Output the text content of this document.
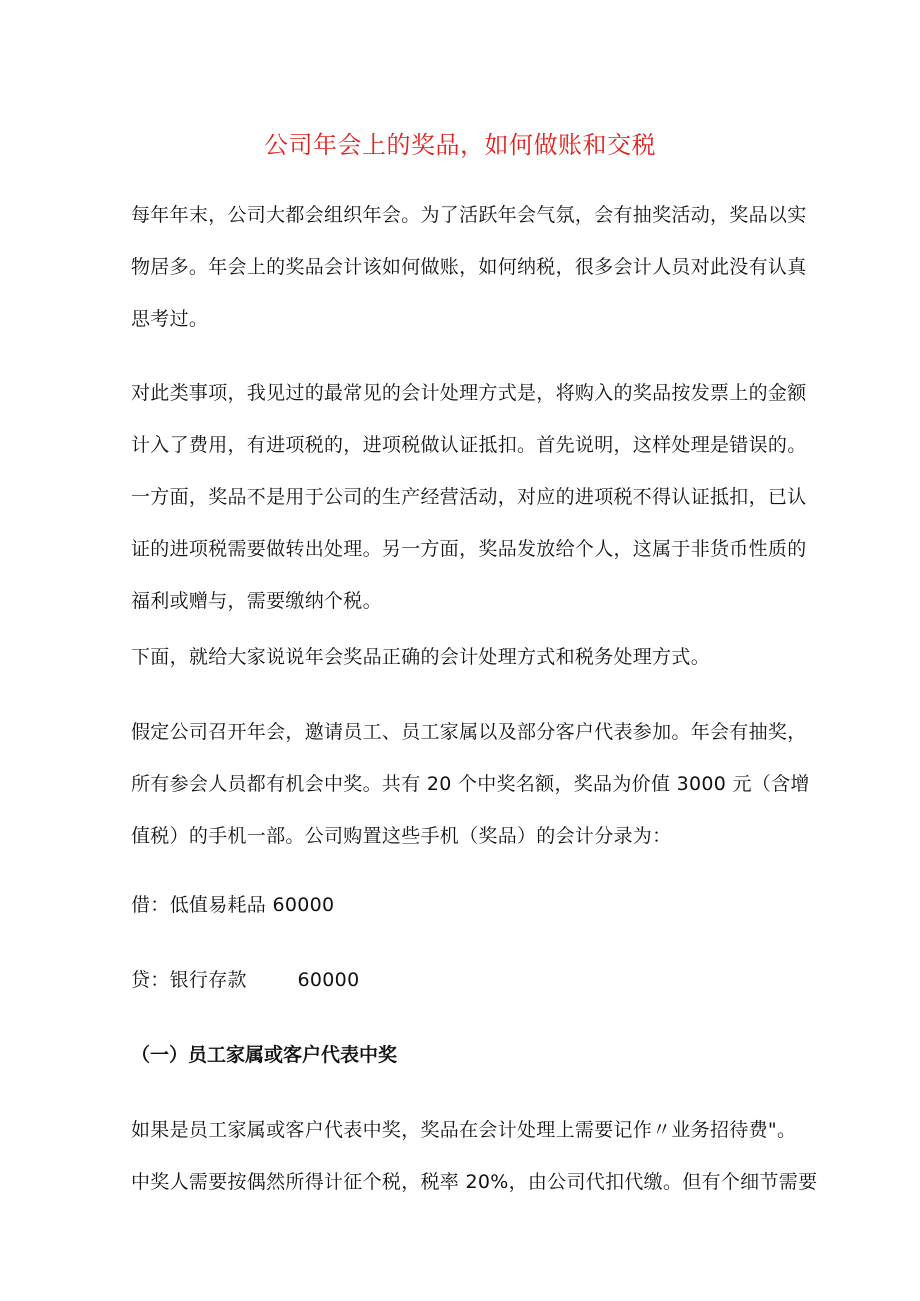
公司年会上的奖品，如何做账和交税
每年年末，公司大都会组织年会。为了活跃年会气氛，会有抽奖活动，奖品以实
物居多。年会上的奖品会计该如何做账，如何纳税，很多会计人员对此没有认真
思考过。
对此类事项，我见过的最常见的会计处理方式是，将购入的奖品按发票上的金额
计入了费用，有进项税的，进项税做认证抵扣。首先说明，这样处理是错误的。
一方面，奖品不是用于公司的生产经营活动，对应的进项税不得认证抵扣，已认
证的进项税需要做转出处理。另一方面，奖品发放给个人，这属于非货币性质的
福利或赠与，需要缴纳个税。
下面，就给大家说说年会奖品正确的会计处理方式和税务处理方式。
假定公司召开年会，邀请员工、员工家属以及部分客户代表参加。年会有抽奖，
所有参会人员都有机会中奖。共有 20 个中奖名额，奖品为价值 3000 元（含增
值税）的手机一部。公司购置这些手机（奖品）的会计分录为：
借：低值易耗品 60000
贷：银行存款        60000
（一）员工家属或客户代表中奖
如果是员工家属或客户代表中奖，奖品在会计处理上需要记作〃业务招待费"。
中奖人需要按偶然所得计征个税，税率 20%，由公司代扣代缴。但有个细节需要
